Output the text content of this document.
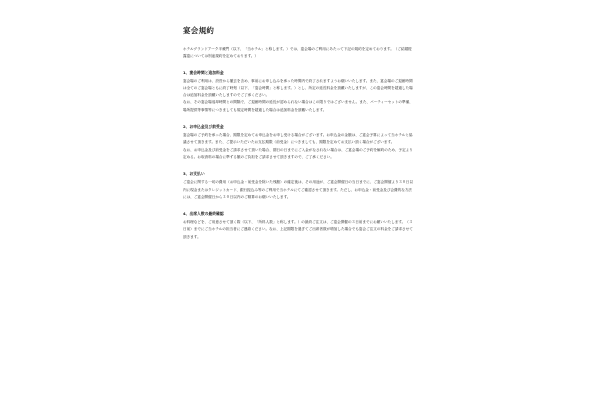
宴会規約

ホテルグランドアーク半蔵門（以下、「当ホテル」と称します。）では、宴会場のご利用にあたって下記の規約を定めております。（ご結婚披露宴については別途規約を定めております。）

1、宴会時間と追加料金

宴会場のご利用は、設営から撤去を含め、事前にお申し込みを承った時間内で終了されますようお願いいたします。また、宴会場のご退館時間は全てのご宴会場ともに終了時刻（以下、「宴会時間」と称します。）とし、所定の延長料金を頂戴いたしますが、この宴会時間を超過した場合は追加料金を頂戴いたしますのでご了承ください。

なお、その宴会場返却時間との間隔で、ご退館時間の延長が認められない場合はこの限りではございません。また、パーティーセットの準備、場所提供等事情等につきましても規定時間を超過した場合は追加料金を頂戴いたします。

2、お申込金及び前受金

宴会場のご予約を承った場合、期限を定めてお申込金をお申し受ける場合がございます。お申込金の金額は、ご宴会予算によって当ホテルと協議させて頂きます。また、ご提示いただいたお支払期限（前受金）につきましても、期限を定めてお支払い頂く場合がございます。

なお、お申込金及び前受金をご請求させて頂いた場合、期日の日までにご入金がなされない場合は、ご宴会場のご予約を解約のため、予定より定める。お取消料の場合に準ずる額のご負担をご請求させて頂きますので、ご了承ください。

3、お支払い

ご宴会に関する一切の費用（お申込金・前受金を除いた残額）の確定後は、その用途が、ご宴会開催日の当日までに、ご宴会開催より３０日以内に現金またはクレジットカード、銀行振込み等のご利用で当ホテルにてご確認させて頂きます。ただし、お申込金・前受金及び会費的な方法には、ご宴会開催日から３０日以内のご精算のお願いいたします。

4、出席人数の最終確認

お料理などを、ご用意させて頂く際（以下、「所料人数」と称します。）の最終ご注文は、ご宴会開催の３日前までにお願いいたします。（３日前）までにご当ホテルの担当者にご連絡ください。なお、上記期限を過ぎてご出席者数が増加した場合でも宴会ご注文の料金をご請求させて頂きます。
